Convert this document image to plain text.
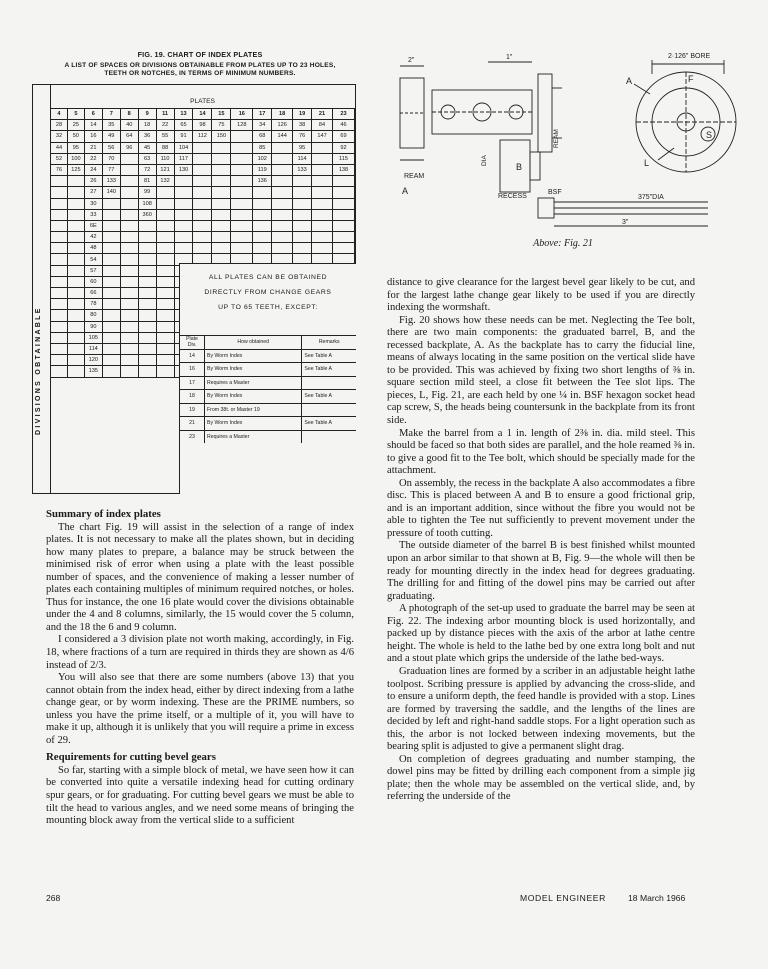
FIG. 19. CHART OF INDEX PLATES
A LIST OF SPACES OR DIVISIONS OBTAINABLE FROM PLATES UP TO 23 HOLES,
TEETH OR NOTCHES, IN TERMS OF MINIMUM NUMBERS.
DIVISIONS OBTAINABLE
PLATES
4	5	6	7	8	9	11	13	14	15	16	17	18	19	21	23
28	25	14	35	40	18	22	65	98	75	128	34	126	38	84	46
32	50	16	49	64	36	55	91	112	150		68	144	76	147	69
44	95	21	56	96	45	88	104				85		95		92
52	100	22	70		63	110	117				102		114		115
76	125	24	77		72	121	130				119		133		138
		26	133		81	132					136				
		27	140		99										
		30			108										
		33			360										
		6E													
		42													
		48													
		54													
		57													
		60													
		66													
		78													
		80													
		90													
		105													
		114													
		120													
		135													
ALL PLATES CAN BE OBTAINED
DIRECTLY FROM CHANGE GEARS
UP TO 65 TEETH, EXCEPT:
Plate Div.	How obtained	Remarks
14	By Worm Index	See Table A
16	By Worm Index	See Table A
17	Requires a Master	
18	By Worm Index	See Table A
19	From 38t. or Master 19	
21	By Worm Index	See Table A
23	Requires a Master	
2"	1"	2·126" BORE
REAM
RECESS
BSF
375"DIA
A
B
A
L
S
F
3"
REAM
DIA
Above: Fig. 21
Summary of index plates

The chart Fig. 19 will assist in the selection of a range of index plates. It is not necessary to make all the plates shown, but in deciding how many plates to prepare, a balance may be struck between the minimised risk of error when using a plate with the least possible number of spaces, and the convenience of making a lesser number of plates each containing multiples of minimum required notches, or holes. Thus for instance, the one 16 plate would cover the divisions obtainable under the 4 and 8 columns, similarly, the 15 would cover the 5 column, and the 18 the 6 and 9 column.

I considered a 3 division plate not worth making, accordingly, in Fig. 18, where fractions of a turn are required in thirds they are shown as 4/6 instead of 2/3.

You will also see that there are some numbers (above 13) that you cannot obtain from the index head, either by direct indexing from a lathe change gear, or by worm indexing. These are the PRIME numbers, so unless you have the prime itself, or a multiple of it, you will have to make it up, although it is unlikely that you will require a prime in excess of 29.

Requirements for cutting bevel gears

So far, starting with a simple block of metal, we have seen how it can be converted into quite a versatile indexing head for cutting ordinary spur gears, or for graduating. For cutting bevel gears we must be able to tilt the head to various angles, and we need some means of bringing the mounting block away from the vertical slide to a sufficient

distance to give clearance for the largest bevel gear likely to be cut, and for the largest lathe change gear likely to be used if you are directly indexing the wormshaft.

Fig. 20 shows how these needs can be met. Neglecting the Tee bolt, there are two main components: the graduated barrel, B, and the recessed backplate, A. As the backplate has to carry the fiducial line, means of always locating in the same position on the vertical slide have to be provided. This was achieved by fixing two short lengths of ⅜ in. square section mild steel, a close fit between the Tee slot lips. The pieces, L, Fig. 21, are each held by one ¼ in. BSF hexagon socket head cap screw, S, the heads being countersunk in the backplate from its front side.

Make the barrel from a 1 in. length of 2⅜ in. dia. mild steel. This should be faced so that both sides are parallel, and the hole reamed ⅜ in. to give a good fit to the Tee bolt, which should be specially made for the attachment.

On assembly, the recess in the backplate A also accommodates a fibre disc. This is placed between A and B to ensure a good frictional grip, and is an important addition, since without the fibre you would not be able to tighten the Tee nut sufficiently to prevent movement under the pressure of tooth cutting.

The outside diameter of the barrel B is best finished whilst mounted upon an arbor similar to that shown at B, Fig. 9—the whole will then be ready for mounting directly in the index head for degrees graduating. The drilling for and fitting of the dowel pins may be carried out after graduating.

A photograph of the set-up used to graduate the barrel may be seen at Fig. 22. The indexing arbor mounting block is used horizontally, and packed up by distance pieces with the axis of the arbor at lathe centre height. The whole is held to the lathe bed by one extra long bolt and nut and a stout plate which grips the underside of the lathe bed-ways.

Graduation lines are formed by a scriber in an adjustable height lathe toolpost. Scribing pressure is applied by advancing the cross-slide, and to ensure a uniform depth, the feed handle is provided with a stop. Lines are formed by traversing the saddle, and the lengths of the lines are decided by left and right-hand saddle stops. For a light operation such as this, the arbor is not locked between indexing movements, but the bearing split is adjusted to give a permanent slight drag.

On completion of degrees graduating and number stamping, the dowel pins may be fitted by drilling each component from a simple jig plate; then the whole may be assembled on the vertical slide, and, by referring the underside of the

268	MODEL ENGINEER	18 March 1966
